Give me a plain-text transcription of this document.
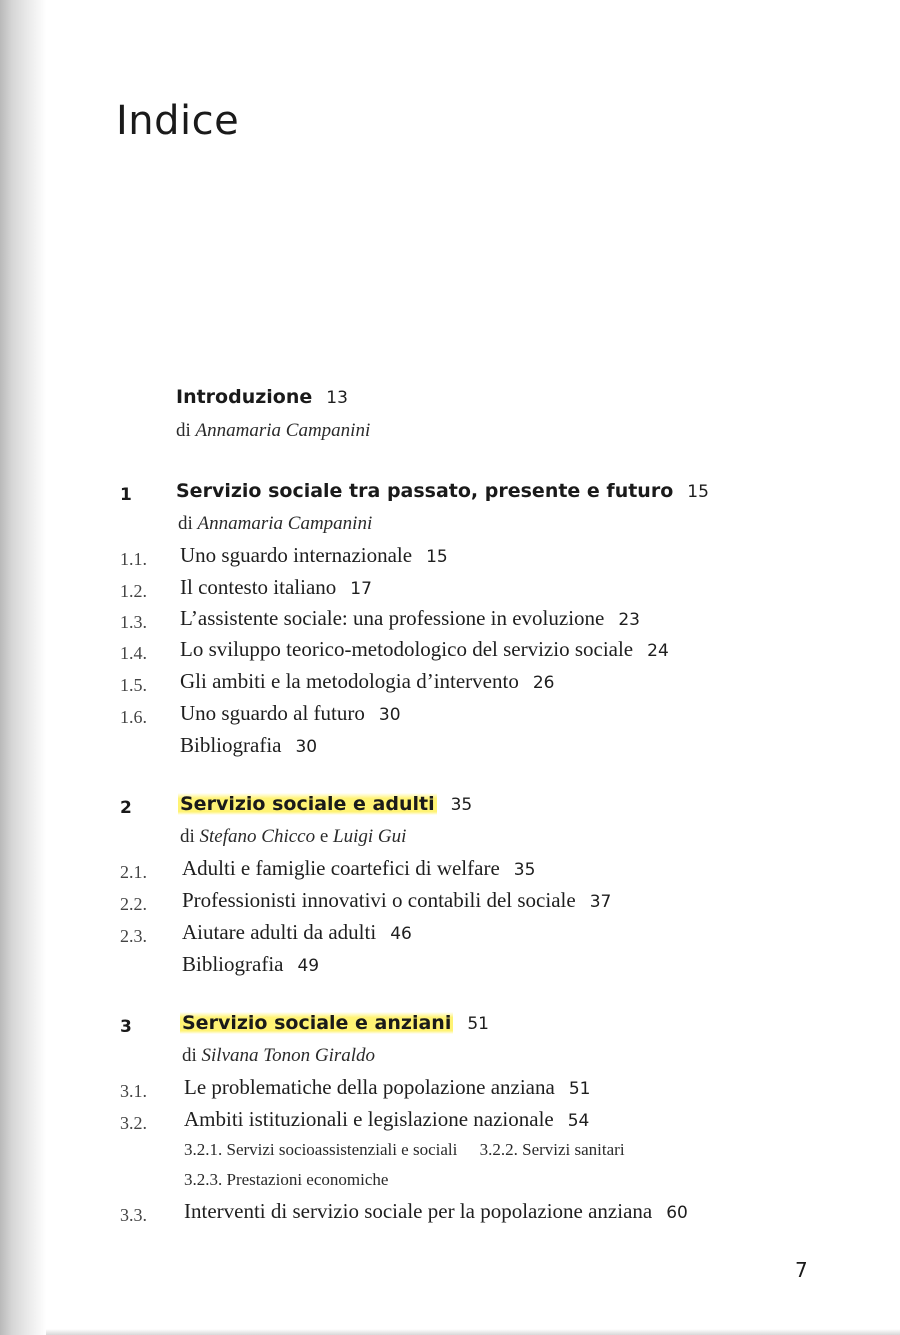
Indice
Introduzione 13
di Annamaria Campanini
1 Servizio sociale tra passato, presente e futuro 15
di Annamaria Campanini
1.1. Uno sguardo internazionale 15
1.2. Il contesto italiano 17
1.3. L’assistente sociale: una professione in evoluzione 23
1.4. Lo sviluppo teorico-metodologico del servizio sociale 24
1.5. Gli ambiti e la metodologia d’intervento 26
1.6. Uno sguardo al futuro 30
Bibliografia 30
2	Servizio sociale e adulti 35
di Stefano Chicco e Luigi Gui
2.1. Adulti e famiglie coartefici di welfare 35
2.2. Professionisti innovativi o contabili del sociale 37
2.3. Aiutare adulti da adulti 46
Bibliografia 49
3	Servizio sociale e anziani 51
di Silvana Tonon Giraldo
3.1. Le problematiche della popolazione anziana 51
3.2. Ambiti istituzionali e legislazione nazionale 54
3.2.1. Servizi socioassistenziali e sociali 3.2.2. Servizi sanitari
3.2.3. Prestazioni economiche
3.3. Interventi di servizio sociale per la popolazione anziana 60
7
